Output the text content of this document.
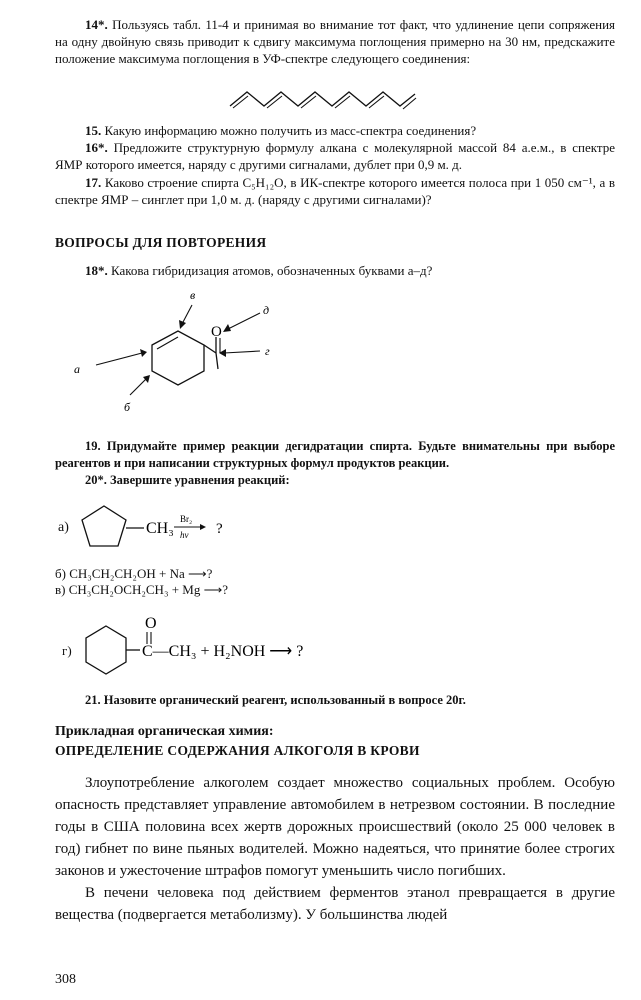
14*. Пользуясь табл. 11-4 и принимая во внимание тот факт, что удлинение цепи сопряжения на одну двойную связь приводит к сдвигу максимума поглощения примерно на 30 нм, предскажите положение максимума поглощения в УФ-спектре следующего соединения:

15. Какую информацию можно получить из масс-спектра соединения?

16*. Предложите структурную формулу алкана с молекулярной массой 84 а.е.м., в спектре ЯМР которого имеется, наряду с другими сигналами, дублет при 0,9 м. д.

17. Каково строение спирта C₅H₁₂O, в ИК-спектре которого имеется полоса при 1 050 см⁻¹, а в спектре ЯМР – синглет при 1,0 м. д. (наряду с другими сигналами)?

ВОПРОСЫ ДЛЯ ПОВТОРЕНИЯ

18*. Какова гибридизация атомов, обозначенных буквами а–д?

O
в
д
г
а
б

19. Придумайте пример реакции дегидратации спирта. Будьте внимательны при выборе реагентов и при написании структурных формул продуктов реакции.

20*. Завершите уравнения реакций:

а)	CH₃
Br₂
hν ?
б) CH₃CH₂CH₂OH + Na ⟶?
в) CH₃CH₂OCH₂CH₃ + Mg ⟶?
г)
O
C—CH₃ + H₂NOH ⟶ ?

21. Назовите органический реагент, использованный в вопросе 20г.

Прикладная органическая химия:
ОПРЕДЕЛЕНИЕ СОДЕРЖАНИЯ АЛКОГОЛЯ В КРОВИ

Злоупотребление алкоголем создает множество социальных проблем. Особую опасность представляет управление автомобилем в нетрезвом состоянии. В последние годы в США половина всех жертв дорожных происшествий (около 25 000 человек в год) гибнет по вине пьяных водителей. Можно надеяться, что принятие более строгих законов и ужесточение штрафов помогут уменьшить число погибших.

В печени человека под действием ферментов этанол превращается в другие вещества (подвергается метаболизму). У большинства людей

308
